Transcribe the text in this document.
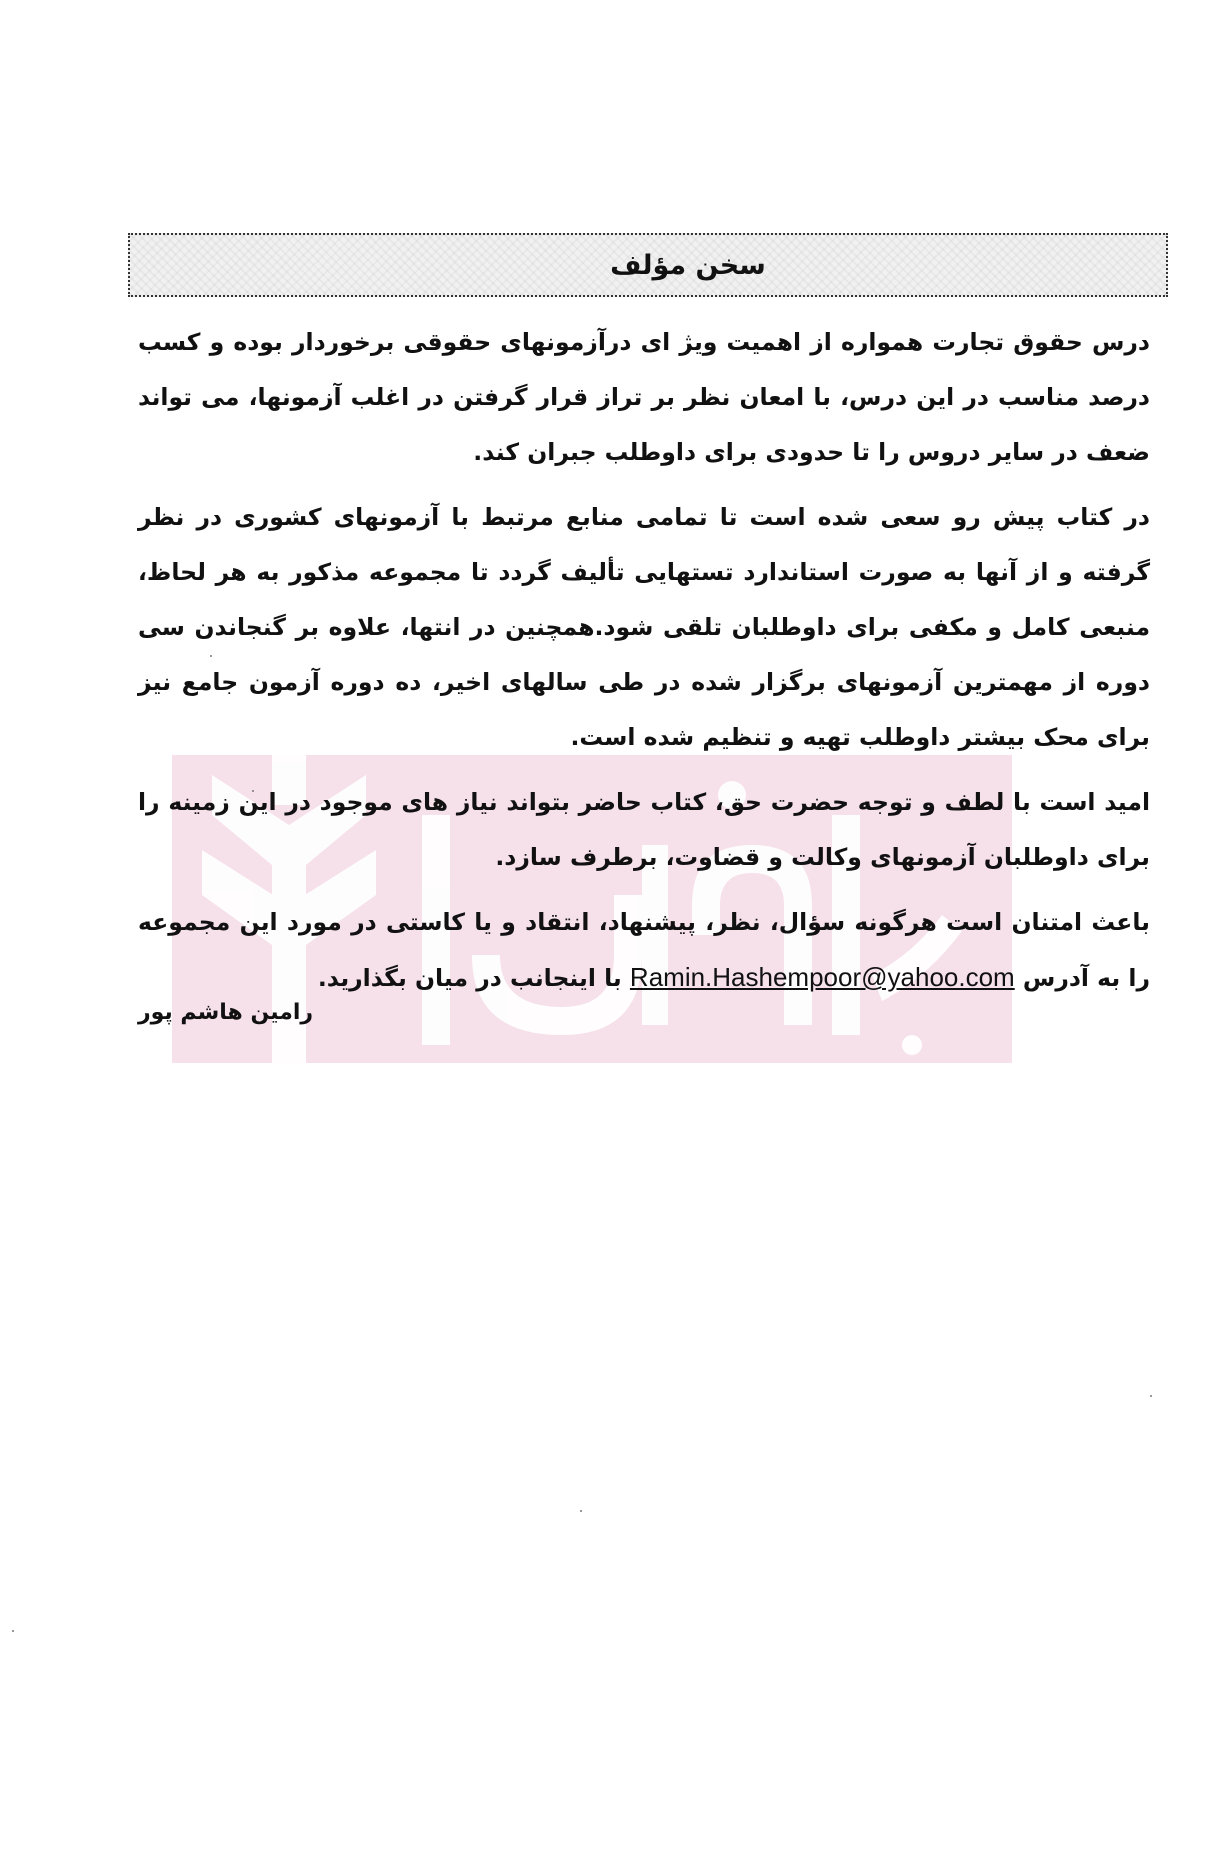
سخن مؤلف

درس حقوق تجارت همواره از اهمیت ویژ ای درآزمونهای حقوقی برخوردار بوده و کسب درصد مناسب در این درس، با امعان نظر بر تراز قرار گرفتن در اغلب آزمونها، می تواند ضعف در سایر دروس را تا حدودی برای داوطلب جبران کند.

در کتاب پیش رو سعی شده است تا تمامی منابع مرتبط با آزمونهای کشوری در نظر گرفته و از آنها به صورت استاندارد تستهایی تألیف گردد تا مجموعه مذکور به هر لحاظ، منبعی کامل و مکفی برای داوطلبان تلقی شود.همچنین در انتها، علاوه بر گنجاندن سی دوره از مهمترین آزمونهای برگزار شده در طی سالهای اخیر، ده دوره آزمون جامع نیز برای محک بیشتر داوطلب تهیه و تنظیم شده است.

امید است با لطف و توجه حضرت حق، کتاب حاضر بتواند نیاز های موجود در این زمینه را برای داوطلبان آزمونهای وکالت و قضاوت، برطرف سازد.

باعث امتنان است هرگونه سؤال، نظر، پیشنهاد، انتقاد و یا کاستی در مورد این مجموعه را به آدرس Ramin.Hashempoor@yahoo.com با اینجانب در میان بگذارید.

رامین هاشم پور
